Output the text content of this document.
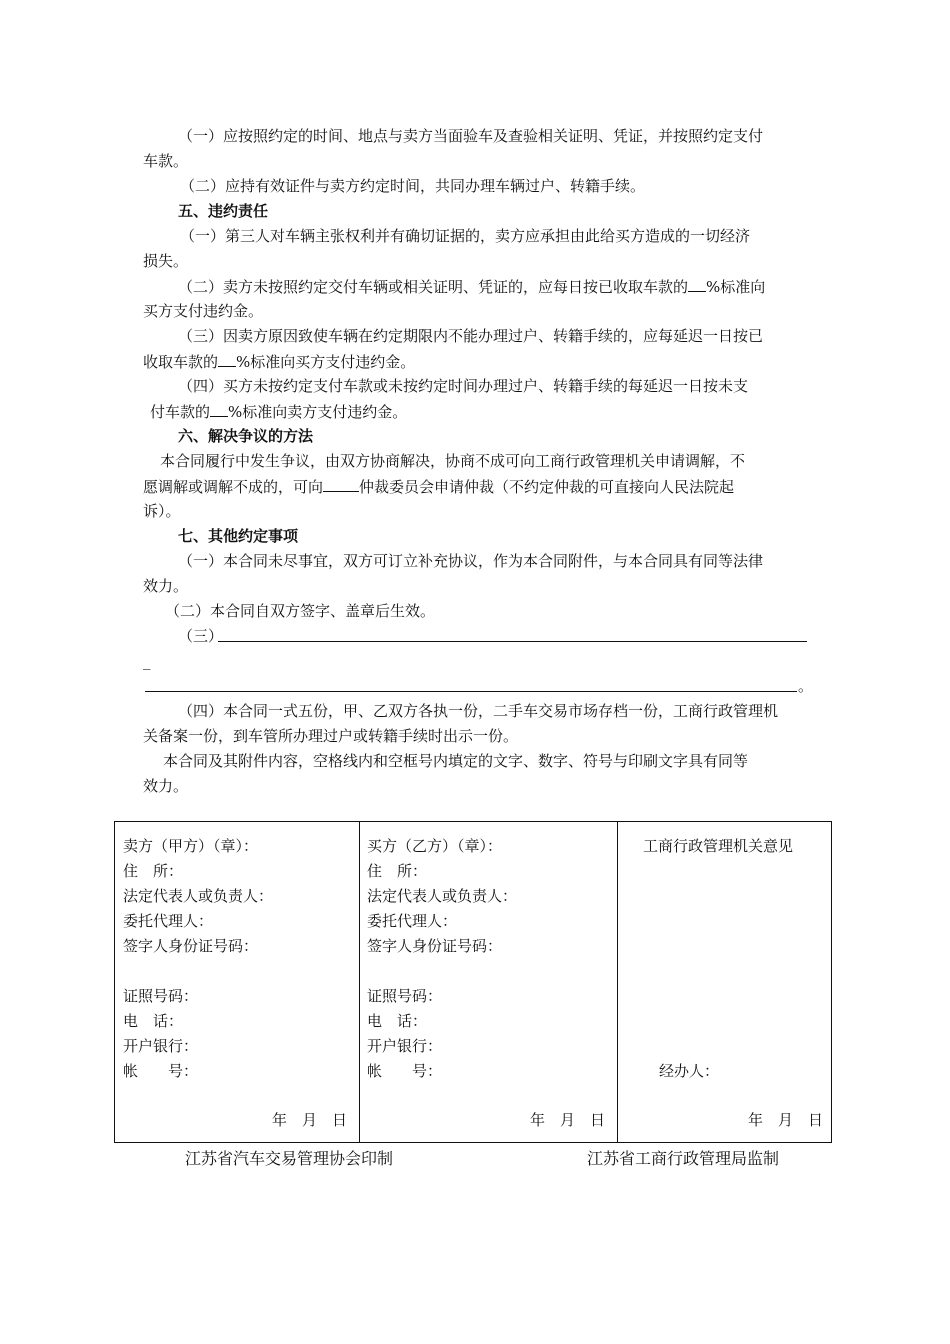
（一）应按照约定的时间、地点与卖方当面验车及查验相关证明、凭证，并按照约定支付
车款。
（二）应持有效证件与卖方约定时间，共同办理车辆过户、转籍手续。
五、违约责任
（一）第三人对车辆主张权利并有确切证据的，卖方应承担由此给买方造成的一切经济
损失。
（二）卖方未按照约定交付车辆或相关证明、凭证的，应每日按已收取车款的 %标准向
买方支付违约金。
（三）因卖方原因致使车辆在约定期限内不能办理过户、转籍手续的，应每延迟一日按已
收取车款的 %标准向买方支付违约金。
（四）买方未按约定支付车款或未按约定时间办理过户、转籍手续的每延迟一日按未支
付车款的 %标准向卖方支付违约金。
六、解决争议的方法
本合同履行中发生争议，由双方协商解决，协商不成可向工商行政管理机关申请调解，不
愿调解或调解不成的，可向 仲裁委员会申请仲裁（不约定仲裁的可直接向人民法院起
诉）。
七、其他约定事项
（一）本合同未尽事宜，双方可订立补充协议，作为本合同附件，与本合同具有同等法律
效力。
（二）本合同自双方签字、盖章后生效。
（三）
_
。
（四）本合同一式五份，甲、乙双方各执一份，二手车交易市场存档一份，工商行政管理机
关备案一份，到车管所办理过户或转籍手续时出示一份。
本合同及其附件内容，空格线内和空框号内填定的文字、数字、符号与印刷文字具有同等
效力。
卖方（甲方）（章）：
住　所：
法定代表人或负责人：
委托代理人：
签字人身份证号码：
证照号码：
电　话：
开户银行：
帐　　号：
年　月　日
买方（乙方）（章）：
住　所：
法定代表人或负责人：
委托代理人：
签字人身份证号码：
证照号码：
电　话：
开户银行：
帐　　号：
年　月　日
工商行政管理机关意见
经办人：
年　月　日
江苏省汽车交易管理协会印制	江苏省工商行政管理局监制
